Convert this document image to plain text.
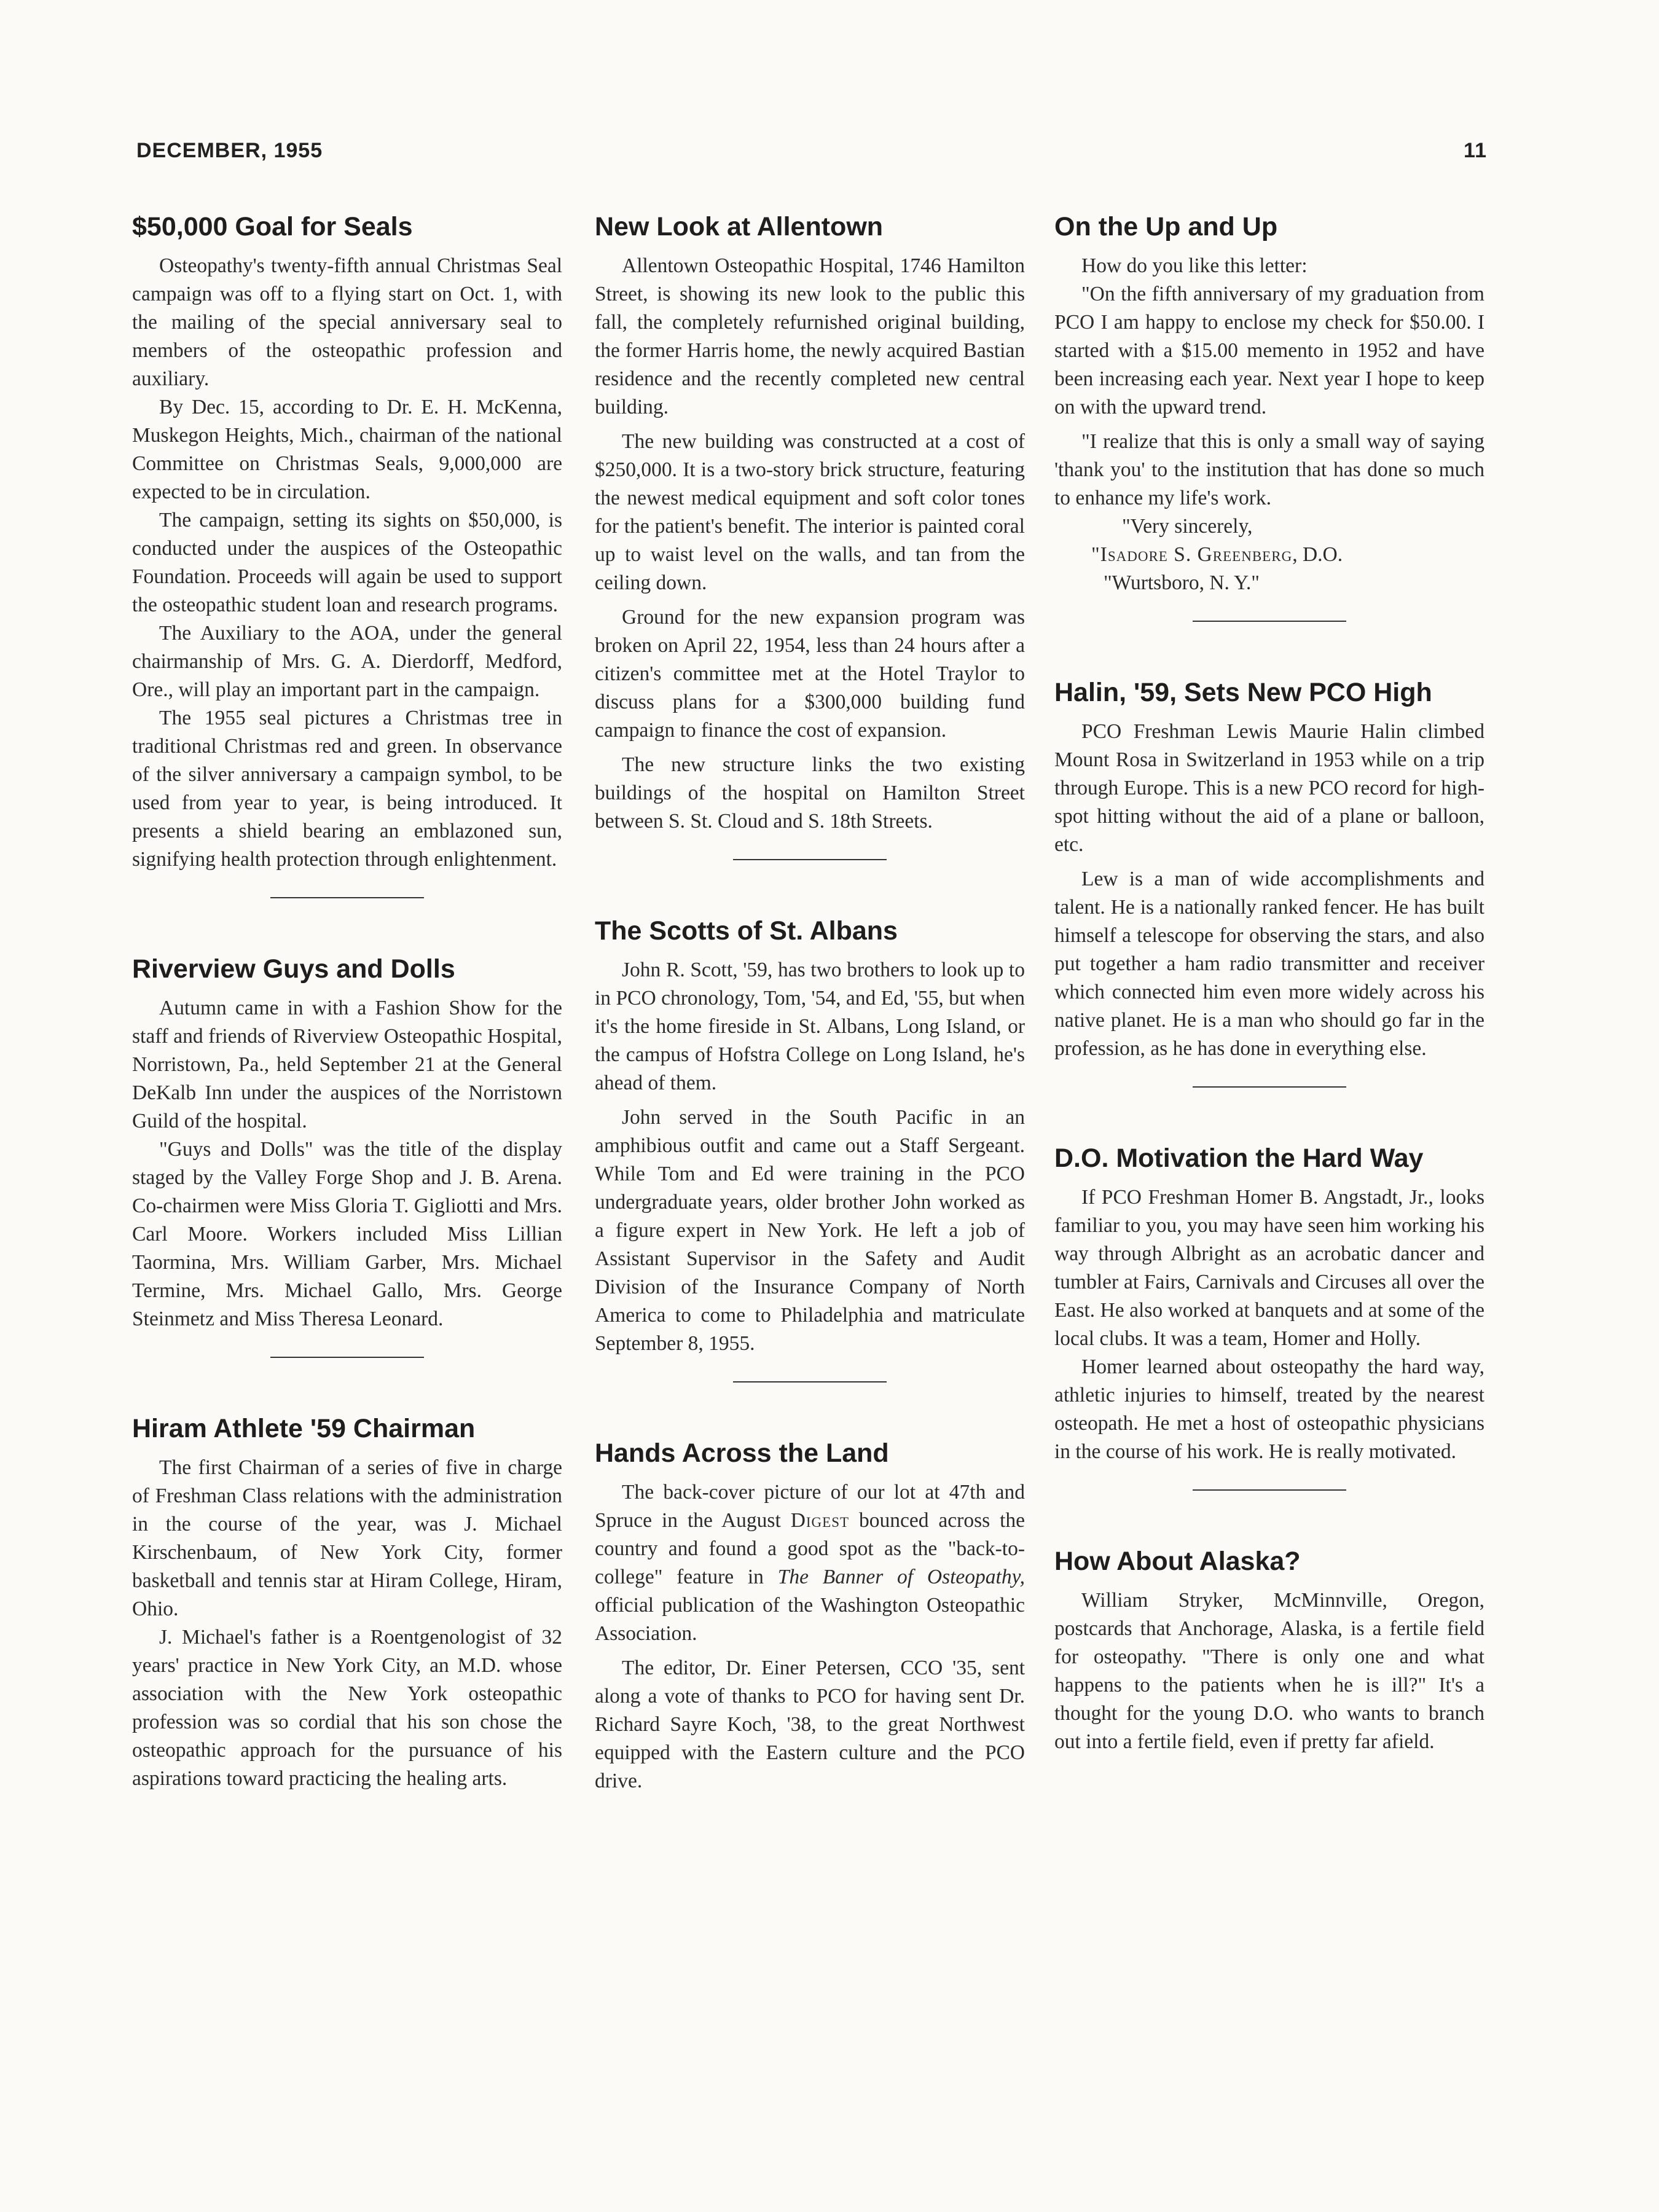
DECEMBER, 1955	11
$50,000 Goal for Seals

Osteopathy's twenty-fifth annual Christmas Seal campaign was off to a flying start on Oct. 1, with the mailing of the special anniversary seal to members of the osteopathic profession and auxiliary.

By Dec. 15, according to Dr. E. H. McKenna, Muskegon Heights, Mich., chairman of the national Committee on Christmas Seals, 9,000,000 are expected to be in circulation.

The campaign, setting its sights on $50,000, is conducted under the auspices of the Osteopathic Foundation. Proceeds will again be used to support the osteopathic student loan and research programs.

The Auxiliary to the AOA, under the general chairmanship of Mrs. G. A. Dierdorff, Medford, Ore., will play an important part in the campaign.

The 1955 seal pictures a Christmas tree in traditional Christmas red and green. In observance of the silver anniversary a campaign symbol, to be used from year to year, is being introduced. It presents a shield bearing an emblazoned sun, signifying health protection through enlightenment.

Riverview Guys and Dolls

Autumn came in with a Fashion Show for the staff and friends of Riverview Osteopathic Hospital, Norristown, Pa., held September 21 at the General DeKalb Inn under the auspices of the Norristown Guild of the hospital.

"Guys and Dolls" was the title of the display staged by the Valley Forge Shop and J. B. Arena. Co-chairmen were Miss Gloria T. Gigliotti and Mrs. Carl Moore. Workers included Miss Lillian Taormina, Mrs. William Garber, Mrs. Michael Termine, Mrs. Michael Gallo, Mrs. George Steinmetz and Miss Theresa Leonard.

Hiram Athlete '59 Chairman

The first Chairman of a series of five in charge of Freshman Class relations with the administration in the course of the year, was J. Michael Kirschenbaum, of New York City, former basketball and tennis star at Hiram College, Hiram, Ohio.

J. Michael's father is a Roentgenologist of 32 years' practice in New York City, an M.D. whose association with the New York osteopathic profession was so cordial that his son chose the osteopathic approach for the pursuance of his aspirations toward practicing the healing arts.

New Look at Allentown

Allentown Osteopathic Hospital, 1746 Hamilton Street, is showing its new look to the public this fall, the completely refurnished original building, the former Harris home, the newly acquired Bastian residence and the recently completed new central building.

The new building was constructed at a cost of $250,000. It is a two-story brick structure, featuring the newest medical equipment and soft color tones for the patient's benefit. The interior is painted coral up to waist level on the walls, and tan from the ceiling down.

Ground for the new expansion program was broken on April 22, 1954, less than 24 hours after a citizen's committee met at the Hotel Traylor to discuss plans for a $300,000 building fund campaign to finance the cost of expansion.

The new structure links the two existing buildings of the hospital on Hamilton Street between S. St. Cloud and S. 18th Streets.

The Scotts of St. Albans

John R. Scott, '59, has two brothers to look up to in PCO chronology, Tom, '54, and Ed, '55, but when it's the home fireside in St. Albans, Long Island, or the campus of Hofstra College on Long Island, he's ahead of them.

John served in the South Pacific in an amphibious outfit and came out a Staff Sergeant. While Tom and Ed were training in the PCO undergraduate years, older brother John worked as a figure expert in New York. He left a job of Assistant Supervisor in the Safety and Audit Division of the Insurance Company of North America to come to Philadelphia and matriculate September 8, 1955.

Hands Across the Land

The back-cover picture of our lot at 47th and Spruce in the August Digest bounced across the country and found a good spot as the "back-to-college" feature in The Banner of Osteopathy, official publication of the Washington Osteopathic Association.

The editor, Dr. Einer Petersen, CCO '35, sent along a vote of thanks to PCO for having sent Dr. Richard Sayre Koch, '38, to the great Northwest equipped with the Eastern culture and the PCO drive.

On the Up and Up

How do you like this letter:

"On the fifth anniversary of my graduation from PCO I am happy to enclose my check for $50.00. I started with a $15.00 memento in 1952 and have been increasing each year. Next year I hope to keep on with the upward trend.

"I realize that this is only a small way of saying 'thank you' to the institution that has done so much to enhance my life's work.

"Very sincerely,

"Isadore S. Greenberg, D.O.

"Wurtsboro, N. Y."

Halin, '59, Sets New PCO High

PCO Freshman Lewis Maurie Halin climbed Mount Rosa in Switzerland in 1953 while on a trip through Europe. This is a new PCO record for high-spot hitting without the aid of a plane or balloon, etc.

Lew is a man of wide accomplishments and talent. He is a nationally ranked fencer. He has built himself a telescope for observing the stars, and also put together a ham radio transmitter and receiver which connected him even more widely across his native planet. He is a man who should go far in the profession, as he has done in everything else.

D.O. Motivation the Hard Way

If PCO Freshman Homer B. Angstadt, Jr., looks familiar to you, you may have seen him working his way through Albright as an acrobatic dancer and tumbler at Fairs, Carnivals and Circuses all over the East. He also worked at banquets and at some of the local clubs. It was a team, Homer and Holly.

Homer learned about osteopathy the hard way, athletic injuries to himself, treated by the nearest osteopath. He met a host of osteopathic physicians in the course of his work. He is really motivated.

How About Alaska?

William Stryker, McMinnville, Oregon, postcards that Anchorage, Alaska, is a fertile field for osteopathy. "There is only one and what happens to the patients when he is ill?" It's a thought for the young D.O. who wants to branch out into a fertile field, even if pretty far afield.
